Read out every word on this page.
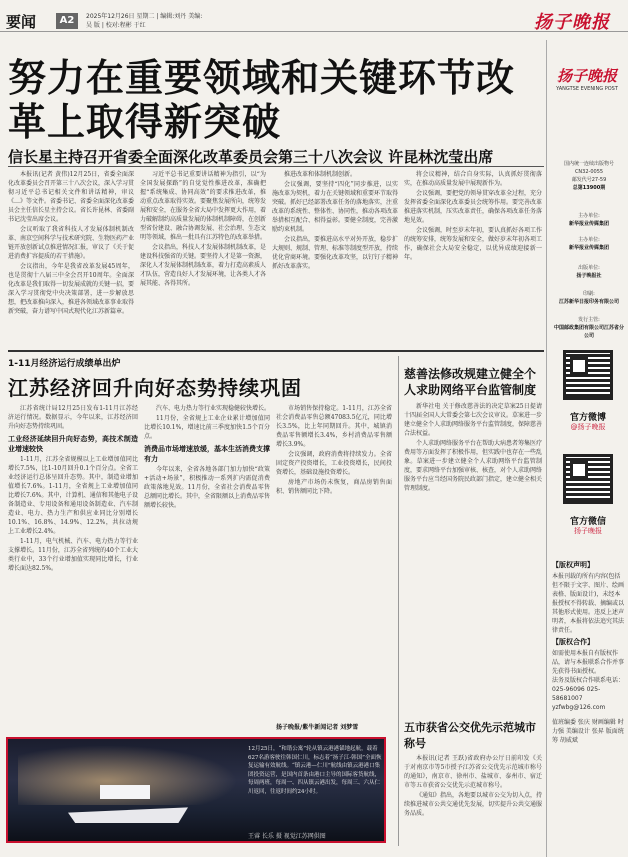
要闻	A2	2025年12月26日 星期二 | 编辑:刘丹 美编:吴 版 | 校对:程彬 于红	扬子晚报
努力在重要领域和关键环节改革上取得新突破
信长星主持召开省委全面深化改革委员会第三十八次会议 许昆林沈莹出席

本报讯(记者 黄伟)12月25日，省委全面深化改革委员会召开第三十八次会议，深入学习贯彻习近平总书记相关文件和讲话精神，审议《…》等文件。省委书记、省委全面深化改革委员会主任信长星主持会议。省长许昆林、省委副书记沈莹出席会议。

会议听取了我省科技人才发展体制机制改革、南京空间科学与技术研究院、生物医药产业链开放创新试点推进情况汇报，审议了《关于促进消费扩容提质的若干措施》。

会议指出，今年是我省改革发展45周年，也是贯彻十八届三中全会召开10周年。全面深化改革是我们取得一切发展成就的关键一招，要深入学习贯彻党中央决策部署，进一步解放思想，把改革推向深入，推进各领域改革事业取得新突破，奋力谱写中国式现代化江苏新篇章。

习近平总书记重要讲话精神为指引，以“为全国发展探路”的自觉觉性推进改革，准确把握“系统集成、协同高效”的要求推进改革，推动重点改革取得实效。要聚焦发展所向，统筹发展和安全，在服务全省大局中发挥更大作用，着力破解制约高质量发展的体制机制障碍，在创新型省份建设、融合协调发展、社会治理、生态文明等领域，推出一批具有江苏特色的改革举措。

会议指出，科技人才发展体制机制改革，是建设科技强省的关键。要坚持人才是第一资源，深化人才发展体制机制改革，着力打造高素质人才队伍，营造良好人才发展环境，让各类人才各展其能、各得其所。

推进改革和体制机制创新。

会议强调，要坚持“四化”同步推进，以实施改革为契机，着力在关键领域和重要环节取得突破。抓好已经部署改革任务的落地落实，注重改革的系统性、整体性、协同性，推动各项改革举措相互配合、相得益彰。要健全制度，完善激励约束机制。

会议指出，要推进高水平对外开放，稳步扩大规则、规制、管理、标准等制度型开放，持续优化营商环境。要强化改革攻坚，以钉钉子精神抓好改革落实。

将会议精神，结合自身实际，认真抓好贯彻落实，在推动高质量发展中展现新作为。

会议强调，要把党的领导贯穿改革全过程，充分发挥省委全面深化改革委员会统筹作用。要完善改革推进落实机制，压实改革责任，确保各项改革任务落地见效。

会议强调，时至岁末年初，要认真抓好各项工作的统筹安排，统筹发展和安全，做好岁末年初各项工作，确保社会大局安全稳定，以优异成绩迎接新一年。

1-11月经济运行成绩单出炉
江苏经济回升向好态势持续巩固

江苏省统计局12月25日发布1-11月江苏经济运行情况。数据显示，今年以来，江苏经济回升向好态势持续巩固。

工业经济延续回升向好态势，高技术制造业增速较快

1-11月，江苏全省规模以上工业增加值同比增长7.5%，比1-10月回升0.1个百分点。全省工业经济运行总体呈回升态势。其中，制造业增加值增长7.6%。1-11月，全省规上工业增加值同比增长7.6%。其中，计算机、通信和其他电子设备制造业、专用设备和通用设备制造业、汽车制造业、电力、热力生产和供应业同比分别增长10.1%、16.8%、14.9%、12.2%，共拉动规上工业增长2.4%。

1-11月，电气机械、汽车、电力热力等行业支撑增长。11月份，江苏全省列统的40个工业大类行业中，33个行业增加值实现同比增长，行业增长面达82.5%。

汽车、电力热力等行业实现稳健较快增长。

11月份，全省规上工业企业累计增加值同比增长10.1%，增速比前三季度加快1.5个百分点。

消费品市场增速放缓，基本生活消费支撑有力

今年以来，全省各地各部门加力加快“政策+活动+场景”，积极推动一系列扩内需促消费政策落地见效。11月份，全省社会消费品零售总额同比增长。其中，全省限额以上消费品零售额增长较快。

市场销售保持稳定。1-11月，江苏全省社会消费品零售总额47083.5亿元，同比增长3.5%，比上年同期回升。其中，城镇消费品零售额增长3.4%，乡村消费品零售额增长3.9%。

会议强调，政府消费将持续发力。全省固定资产投资增长，工业投资增长，民间投资增长，基础设施投资增长。

房地产市场仍未恢复，商品房销售面积、销售额同比下降。

扬子晚报/紫牛新闻记者 刘梦雪
12月25日，“和谐公寓”轮从镇云港港锚地起航，载着627名游客驶往韩国仁川，标志着“扬子江-韩国”全面恢复运输有效航线。“镇云港—仁川”航线由镇云港港口集团投资运营，是国内首条由港口主导的国际客货航线，每周两班，每周一、四从镇云港出发，每周三、六从仁川返回，往返时间约24小时。
王睿 长乐 摄 视觉江苏网供图
慈善法修改规建立健全个人求助网络平台监管制度

新华社电 关于修改慈善法的决定草案25日提请十四届全国人大常委会第七次会议审议。草案进一步建立健全个人求助网络服务平台监管制度，保障慈善合法权益。

个人求助网络服务平台在帮助大病患者筹集医疗费用等方面发挥了积极作用，但实践中也存在一些乱象。草案进一步建立健全个人求助网络平台监管制度，要求网络平台加强审核、核查，对个人求助网络服务平台应当经国务院民政部门指定，建立健全相关管理制度。

五市获省公交优先示范城市称号

本报讯(记者 王跃)省政府办公厅日前印发《关于对南京市等5市授予江苏省公交优先示范城市称号的通知》，南京市、徐州市、盐城市、泰州市、宿迁市等五市获省公交优先示范城市称号。

《通知》指出，各地要以城市公交为切入点，持续推进城市公共交通优先发展，切实提升公共交通服务品质。

扬子晚报
YANGTSE EVENING POST
国内统一连续出版物号
CN32-0055
邮发代号27-59
总第13900期
主办单位:
新华报业传媒集团
主办单位:
新华报业传媒集团
出版单位:
扬子晚报社
印刷:
江苏新华日报印务有限公司
发行主管:
中国邮政集团有限公司江苏省分公司
官方微博
@扬子晚报
官方微信
扬子晚报
【版权声明】
本报刊载的所有内容(包括但不限于文字、图片、绘画表格、版面设计)，未经本报授权不得转载、摘编或以其他形式使用。违反上述声明者，本报将依法追究其法律责任。
【版权合作】
如需使用本报自有版权作品，请与本报联系合作并事先获得书面授权。
法务及版权合作联系电话：025-96096 025-58681007
yzfwbg@126.com
值班编委 张庆 财画编辑 时力强 美编设计 张昇 版面统筹 胡威斌
